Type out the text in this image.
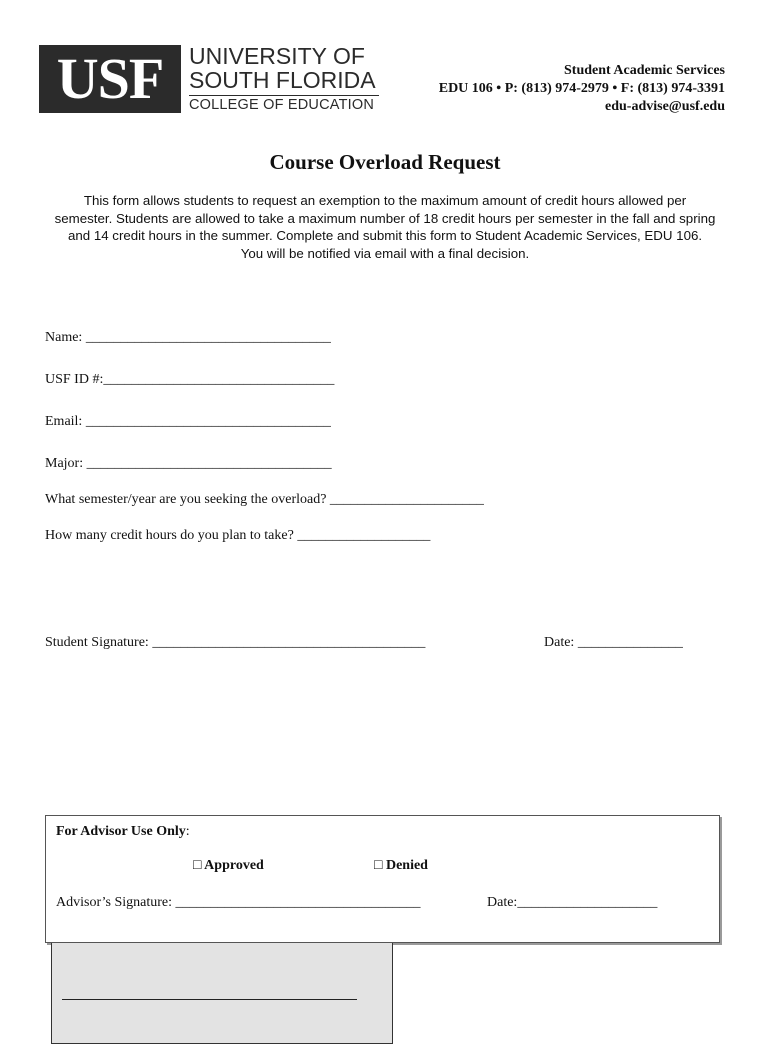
USF	UNIVERSITY OF
SOUTH FLORIDA
COLLEGE OF EDUCATION
Student Academic Services
EDU 106 • P: (813) 974-2979 • F: (813) 974-3391
edu-advise@usf.edu
Course Overload Request
This form allows students to request an exemption to the maximum amount of credit hours allowed per
semester. Students are allowed to take a maximum number of 18 credit hours per semester in the fall and spring
and 14 credit hours in the summer. Complete and submit this form to Student Academic Services, EDU 106.
You will be notified via email with a final decision.
Name: ___________________________________
USF ID #:_________________________________
Email: ___________________________________
Major: ___________________________________
What semester/year are you seeking the overload? ______________________
How many credit hours do you plan to take? ___________________
Student Signature: _______________________________________	Date: _______________
For Advisor Use Only:
□ Approved	□ Denied
Advisor’s Signature: ___________________________________	Date:____________________
